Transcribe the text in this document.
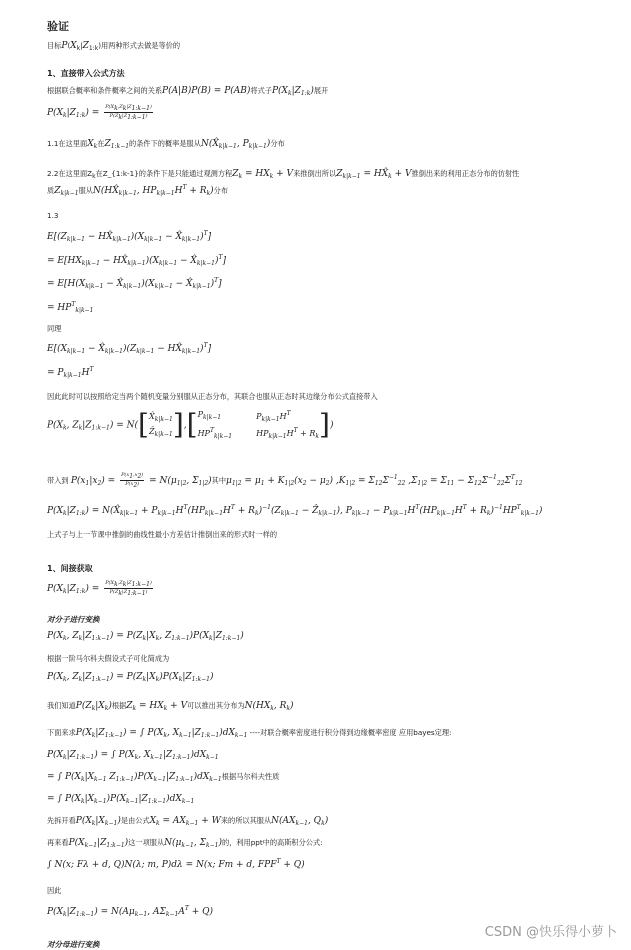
验证
目标$P(X_k|Z_{1:k})$用两种形式去做是等价的
1、直接带入公式方法
根据联合概率和条件概率之间的关系P(A|B)P(B) = P(AB)将式子$P(X_k|Z_{1:k})$展开
$P(X_k|Z_{1:k}) = \frac{P(X_k,Z_k|Z_{1:k-1})}{P(Z_k|Z_{1:k-1})}$
1.1在这里面$X_k$在$Z_{1:k-1}$的条件下的概率是服从$N(X̂_{k|k-1}$, $P_{k|k-1}$)分布
2.2在这里面$Z_k$在Z_{1:k-1}的条件下是只能通过观测方程$Z_k = HX_k + V$来推倒出所以$Z_{k|k-1}$ = $HX̂_k + V$推倒出来的利用正态分布的仿射性
质$Z_{k|k-1}$服从$N(HX̂_{k|k-1}$, $HP_{k|k-1}H^T + R_k$)分布
1.3
$E[(Z_{k|k-1}$ − $HX̂_{k|k-1})(X_{k|k-1}$ − $X̂_{k|k-1})^T$]
= $E[HX_{k|k-1}$ − $HX̂_{k|k-1})(X_{k|k-1}$ − $X̂_{k|k-1})^T$]
= $E[H(X_{k|k-1}$ − $X̂_{k|k-1})(X_{k|k-1}$ − $X̂_{k|k-1})^T$]
= $HP^T_{k|k-1}$
同理
$E[(X_{k|k-1}$ − $X̂_{k|k-1})(Z_{k|k-1}$ − $HX̂_{k|k-1})^T$]
= $P_{k|k-1}H^T$
因此此时可以按照给定当两个随机变量分别服从正态分布，其联合也服从正态时其边缘分布公式直接带入
$P(X_k$, $Z_k|Z_{1:k-1}) = N$([ $X̂_{k|k-1}$
Ẑ$_{k|k-1}$ ],[ $P_{k|k-1}$	$P_{k|k-1}H^T$
$HP^T_{k|k-1}$	$HP_{k|k-1}H^T + R_k$ ])
带入到 $P(x_1|x_2) = \frac{P(x_1,x_2)}{P(x_2)} = N(\mu_{1|2}$, $\Sigma_{1|2}$)其中$\mu_{1|2} = \mu_1 + K_{1|2}(x_2 - \mu_2) ,K_{1|2} = \Sigma_{12}\Sigma^{-1}_{22}$ $,\Sigma_{1|2} = \Sigma_{11} - \Sigma_{12}\Sigma^{-1}_{22}\Sigma^T_{12}$
$P(X_k|Z_{1:k})$ = $N(X̂_{k|k-1} + P_{k|k-1}H^T(HP_{k|k-1}H^T + R_k)^{-1}(Z_{k|k-1}$ − Ẑ$_{k|k-1}$), $P_{k|k-1} - P_{k|k-1}H^T(HP_{k|k-1}H^T + R_k)^{-1}HP^T_{k|k-1}$)
上式子与上一节课中推倒的曲线性最小方差估计推倒出来的形式时一样的
1、间接获取
$P(X_k|Z_{1:k}) = \frac{P(X_k,Z_k|Z_{1:k-1})}{P(Z_k|Z_{1:k-1})}$
对分子进行变换
$P(X_k$, $Z_k|Z_{1:k-1}) = P(Z_k|X_k$, $Z_{1:k-1})P(X_k|Z_{1:k-1})$
根据一阶马尔科夫假设式子可化简成为
$P(X_k$, $Z_k|Z_{1:k-1}) = P(Z_k|X_k)P(X_k|Z_{1:k-1})$
我们知道$P(Z_k|X_k)$根据$Z_k = HX_k + V$可以推出其分布为$N(HX_k$, $R_k$)
下面来求$P(X_k|Z_{1:k-1})$ = ∫ $P(X_k$, $X_{k-1}|Z_{1:k-1})dX_{k-1}$ ----对联合概率密度进行积分得到边缘概率密度 应用bayes定理:
$P(X_k|Z_{1:k-1})$ = ∫ $P(X_k$, $X_{k-1}|Z_{1:k-1})dX_{k-1}$
= ∫ $P(X_k|X_{k-1}$ $Z_{1:k-1})P(X_{k-1}|Z_{1:k-1})dX_{k-1}$根据马尔科夫性质
= ∫ $P(X_k|X_{k-1})P(X_{k-1}|Z_{1:k-1})dX_{k-1}$
先拆开看$P(X_k|X_{k-1})$是由公式$X_k = AX_{k-1} + W$来的所以其服从$N(AX_{k-1}$, $Q_k$)
再来看$P(X_{k-1}|Z_{1:k-1})$这一项服从$N(\mu_{k-1}$, $\Sigma_{k-1}$)的，利用ppt中的高斯积分公式:
∫ N(x; Fλ + d, Q)N(λ; m, P)dλ = N(x; Fm + d, $FPF^T + Q$)
因此
$P(X_k|Z_{1:k-1}) = N(A\mu_{k-1}$, $A\Sigma_{k-1}A^T + Q$)
对分母进行变换
CSDN @快乐得小萝卜
